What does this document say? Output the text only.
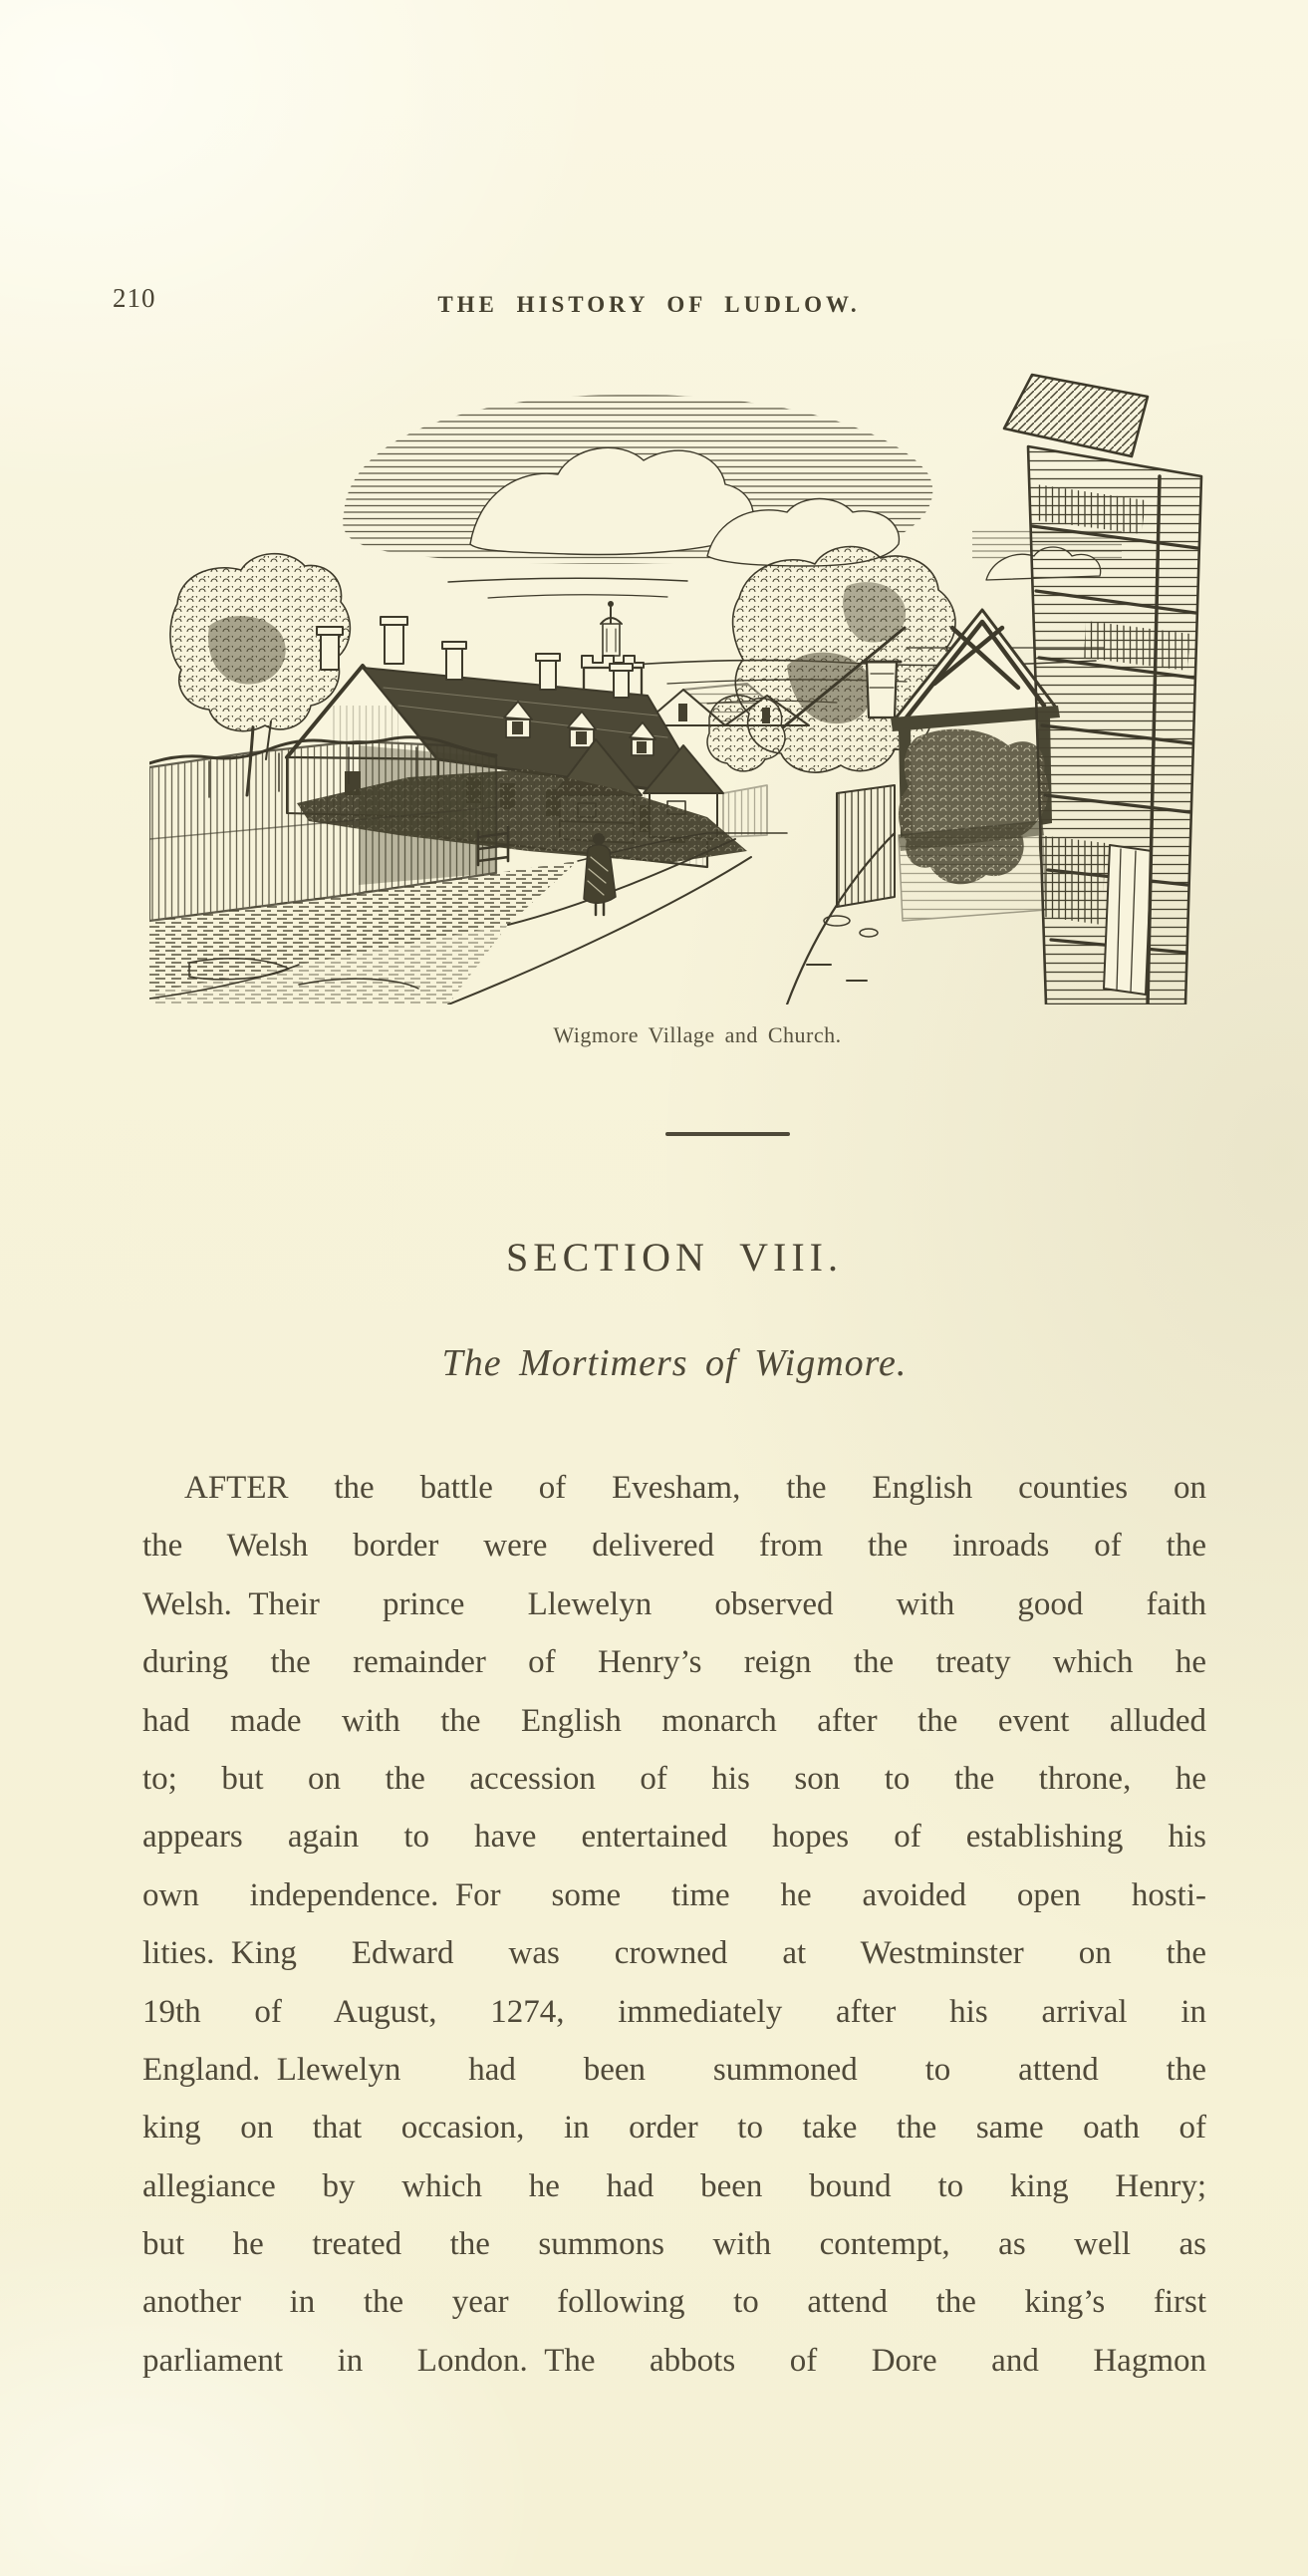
210	THE HISTORY OF LUDLOW.
Wigmore Village and Church.
SECTION VIII.
The Mortimers of Wigmore.
AFTER the battle of Evesham, the English counties on
the Welsh border were delivered from the inroads of the
Welsh. Their prince Llewelyn observed with good faith
during the remainder of Henry’s reign the treaty which he
had made with the English monarch after the event alluded
to; but on the accession of his son to the throne, he
appears again to have entertained hopes of establishing his
own independence. For some time he avoided open hosti-
lities. King Edward was crowned at Westminster on the
19th of August, 1274, immediately after his arrival in
England. Llewelyn had been summoned to attend the
king on that occasion, in order to take the same oath of
allegiance by which he had been bound to king Henry;
but he treated the summons with contempt, as well as
another in the year following to attend the king’s first
parliament in London. The abbots of Dore and Hagmon
